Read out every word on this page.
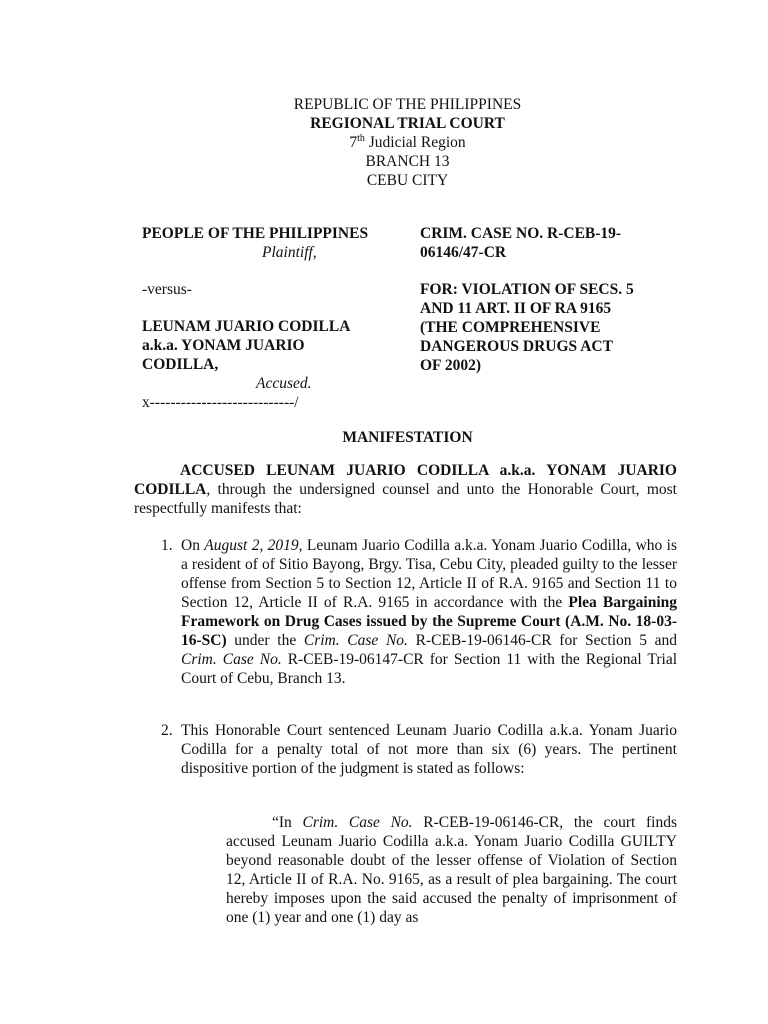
REPUBLIC OF THE PHILIPPINES
REGIONAL TRIAL COURT
7th Judicial Region
BRANCH 13
CEBU CITY
PEOPLE OF THE PHILIPPINES
Plaintiff,
-versus-
LEUNAM JUARIO CODILLA
a.k.a. YONAM JUARIO
CODILLA,
Accused.
x----------------------------/
CRIM. CASE NO. R-CEB-19-
06146/47-CR
FOR: VIOLATION OF SECS. 5
AND 11 ART. II OF RA 9165
(THE COMPREHENSIVE
DANGEROUS DRUGS ACT
OF 2002)
MANIFESTATION
ACCUSED LEUNAM JUARIO CODILLA a.k.a. YONAM JUARIO CODILLA, through the undersigned counsel and unto the Honorable Court, most respectfully manifests that:
1. On August 2, 2019, Leunam Juario Codilla a.k.a. Yonam Juario Codilla, who is a resident of of Sitio Bayong, Brgy. Tisa, Cebu City, pleaded guilty to the lesser offense from Section 5 to Section 12, Article II of R.A. 9165 and Section 11 to Section 12, Article II of R.A. 9165 in accordance with the Plea Bargaining Framework on Drug Cases issued by the Supreme Court (A.M. No. 18-03-16-SC) under the Crim. Case No. R-CEB-19-06146-CR for Section 5 and Crim. Case No. R-CEB-19-06147-CR for Section 11 with the Regional Trial Court of Cebu, Branch 13.
2. This Honorable Court sentenced Leunam Juario Codilla a.k.a. Yonam Juario Codilla for a penalty total of not more than six (6) years. The pertinent dispositive portion of the judgment is stated as follows:
“In Crim. Case No. R-CEB-19-06146-CR, the court finds accused Leunam Juario Codilla a.k.a. Yonam Juario Codilla GUILTY beyond reasonable doubt of the lesser offense of Violation of Section 12, Article II of R.A. No. 9165, as a result of plea bargaining. The court hereby imposes upon the said accused the penalty of imprisonment of one (1) year and one (1) day as
